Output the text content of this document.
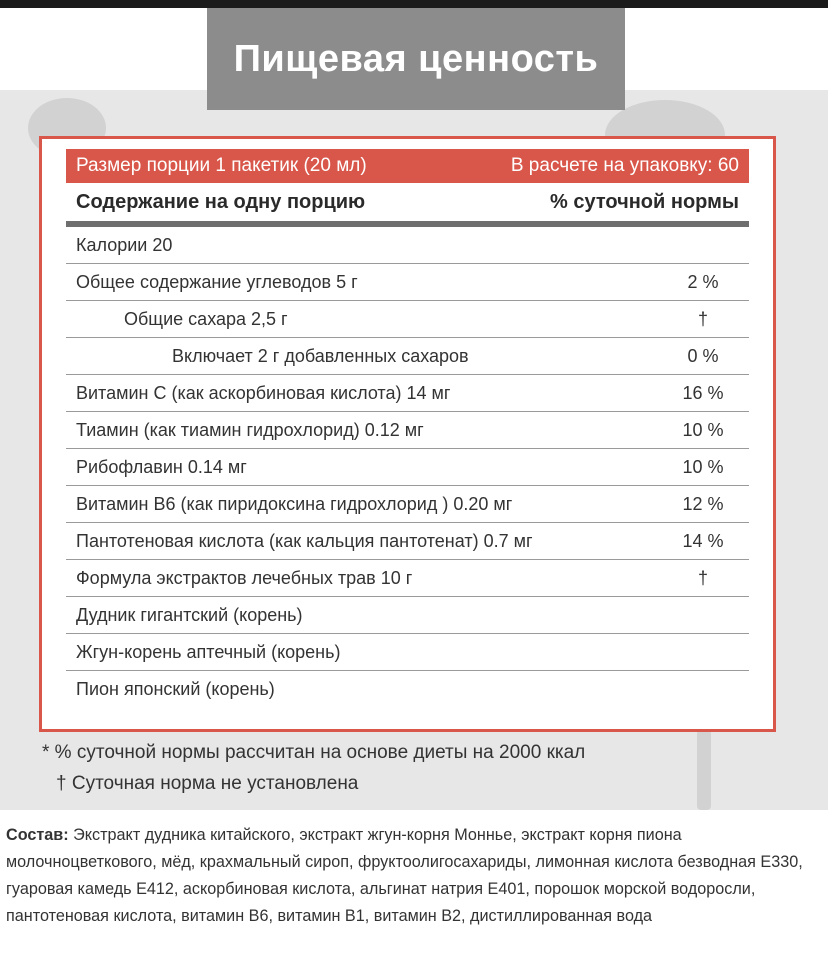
Пищевая ценность
Размер порции 1 пакетик (20 мл)	В расчете на упаковку: 60
Содержание на одну порцию	% суточной нормы
Калории 20
Общее содержание углеводов 5 г	2 %
Общие сахара 2,5 г	†
Включает 2 г добавленных сахаров	0 %
Витамин С (как аскорбиновая кислота) 14 мг	16 %
Тиамин (как тиамин гидрохлорид) 0.12 мг	10 %
Рибофлавин 0.14 мг	10 %
Витамин В6 (как пиридоксина гидрохлорид ) 0.20 мг	12 %
Пантотеновая кислота (как кальция пантотенат) 0.7 мг	14 %
Формула экстрактов лечебных трав 10 г	†
Дудник гигантский (корень)
Жгун-корень аптечный (корень)
Пион японский (корень)
* % суточной нормы рассчитан на основе диеты на 2000 ккал
† Суточная норма не установлена
Состав: Экстракт дудника китайского, экстракт жгун-корня Моннье, экстракт корня пиона молочноцветкового, мёд, крахмальный сироп, фруктоолигосахариды, лимонная кислота безводная Е330, гуаровая камедь Е412, аскорбиновая кислота, альгинат натрия Е401, порошок морской водоросли, пантотеновая кислота, витамин В6, витамин В1, витамин В2, дистиллированная вода
